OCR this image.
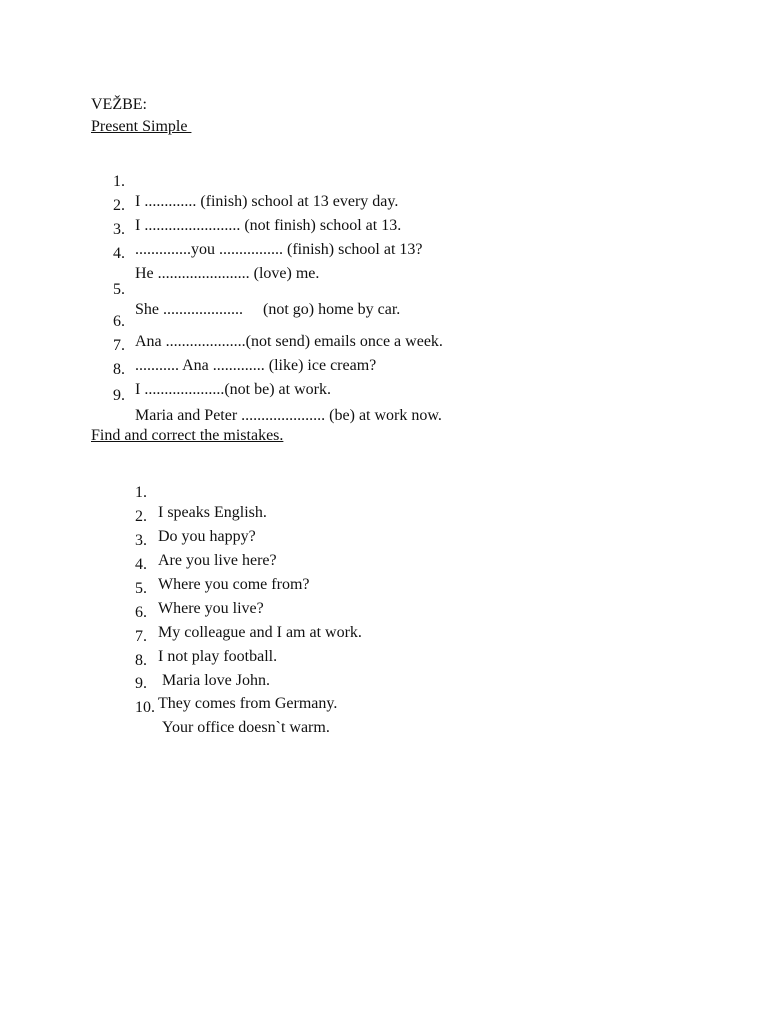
VEŽBE:
Present Simple

1.

I ............. (finish) school at 13 every day.

2.

I ........................ (not finish) school at 13.

3.

..............you ................ (finish) school at 13?

4.

He ....................... (love) me.

5.

She ....................     (not go) home by car.

6.

Ana ....................(not send) emails once a week.

7.

........... Ana ............. (like) ice cream?

8.

I ....................(not be) at work.

9.

Maria and Peter ..................... (be) at work now.

Find and correct the mistakes.

1.

I speaks English.

2.

Do you happy?

3.

Are you live here?

4.

Where you come from?

5.

Where you live?

6.

My colleague and I am at work.

7.

I not play football.

8.

Maria love John.

9.

They comes from Germany.

10.

Your office doesn`t warm.
